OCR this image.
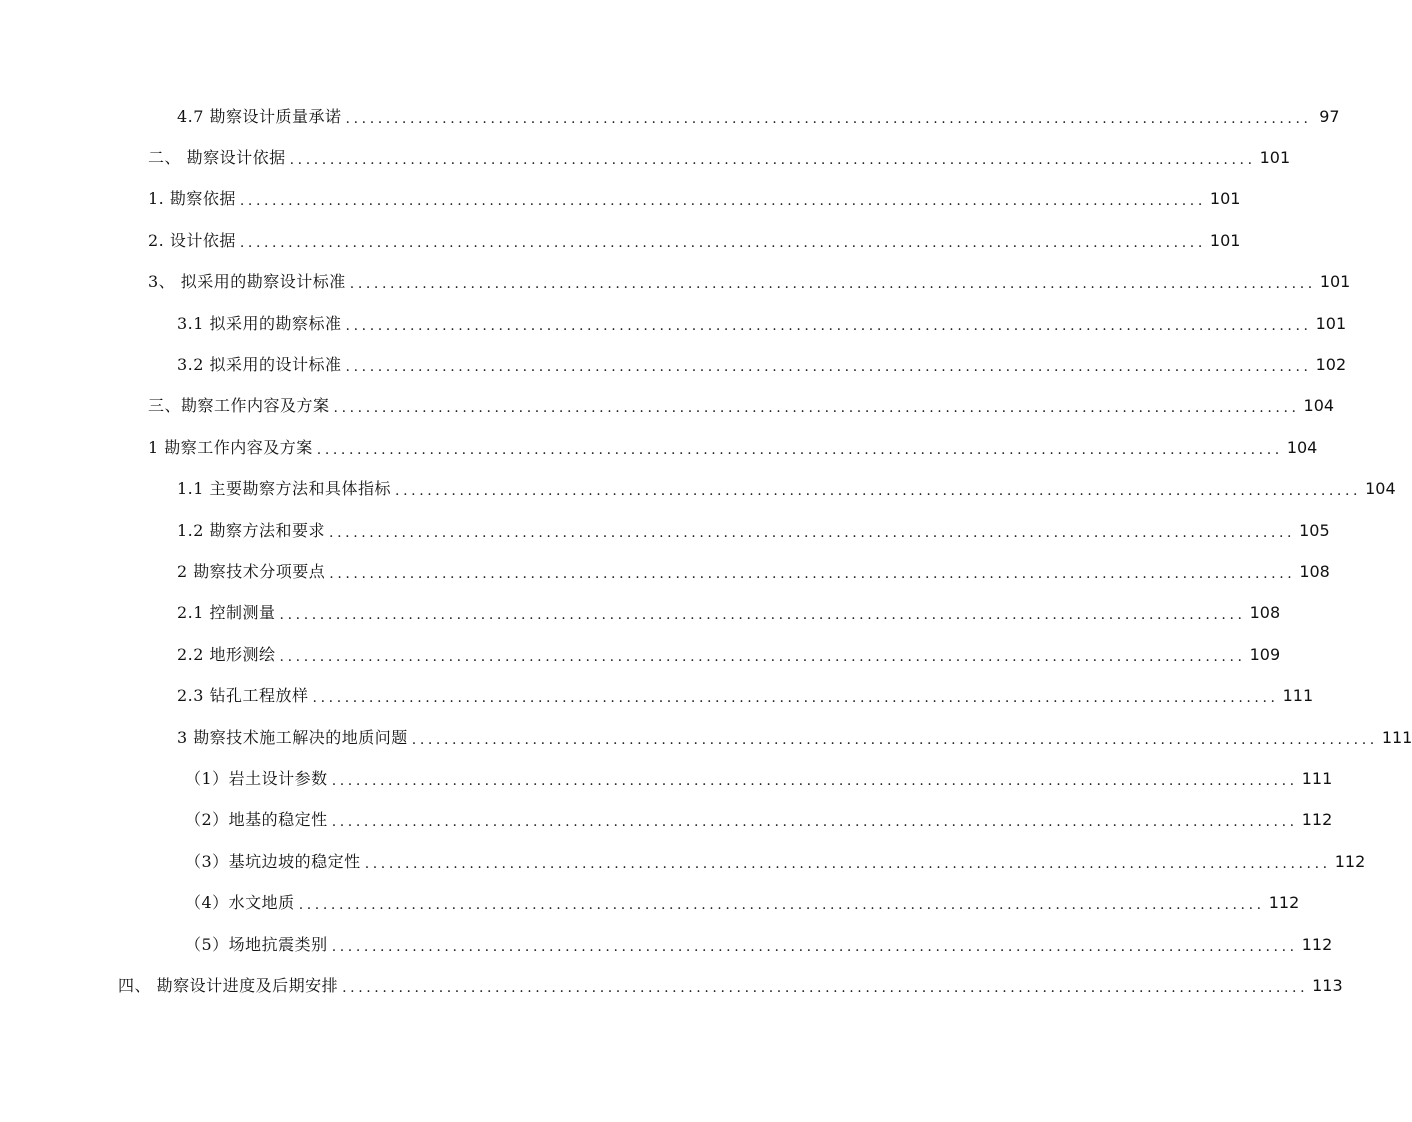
4.7 勘察设计质量承诺 ........................................................................................................................ 97
二、 勘察设计依据 ........................................................................................................................ 101
1. 勘察依据 ........................................................................................................................ 101
2. 设计依据 ........................................................................................................................ 101
3、 拟采用的勘察设计标准 ........................................................................................................................ 101
3.1 拟采用的勘察标准 ........................................................................................................................ 101
3.2 拟采用的设计标准 ........................................................................................................................ 102
三、勘察工作内容及方案 ........................................................................................................................ 104
1 勘察工作内容及方案 ........................................................................................................................ 104
1.1 主要勘察方法和具体指标 ........................................................................................................................ 104
1.2 勘察方法和要求 ........................................................................................................................ 105
2 勘察技术分项要点 ........................................................................................................................ 108
2.1 控制测量 ........................................................................................................................ 108
2.2 地形测绘 ........................................................................................................................ 109
2.3 钻孔工程放样 ........................................................................................................................ 111
3 勘察技术施工解决的地质问题 ........................................................................................................................ 111
（1）岩土设计参数 ........................................................................................................................ 111
（2）地基的稳定性 ........................................................................................................................ 112
（3）基坑边坡的稳定性 ........................................................................................................................ 112
（4）水文地质 ........................................................................................................................ 112
（5）场地抗震类别 ........................................................................................................................ 112
四、 勘察设计进度及后期安排 ........................................................................................................................ 113
